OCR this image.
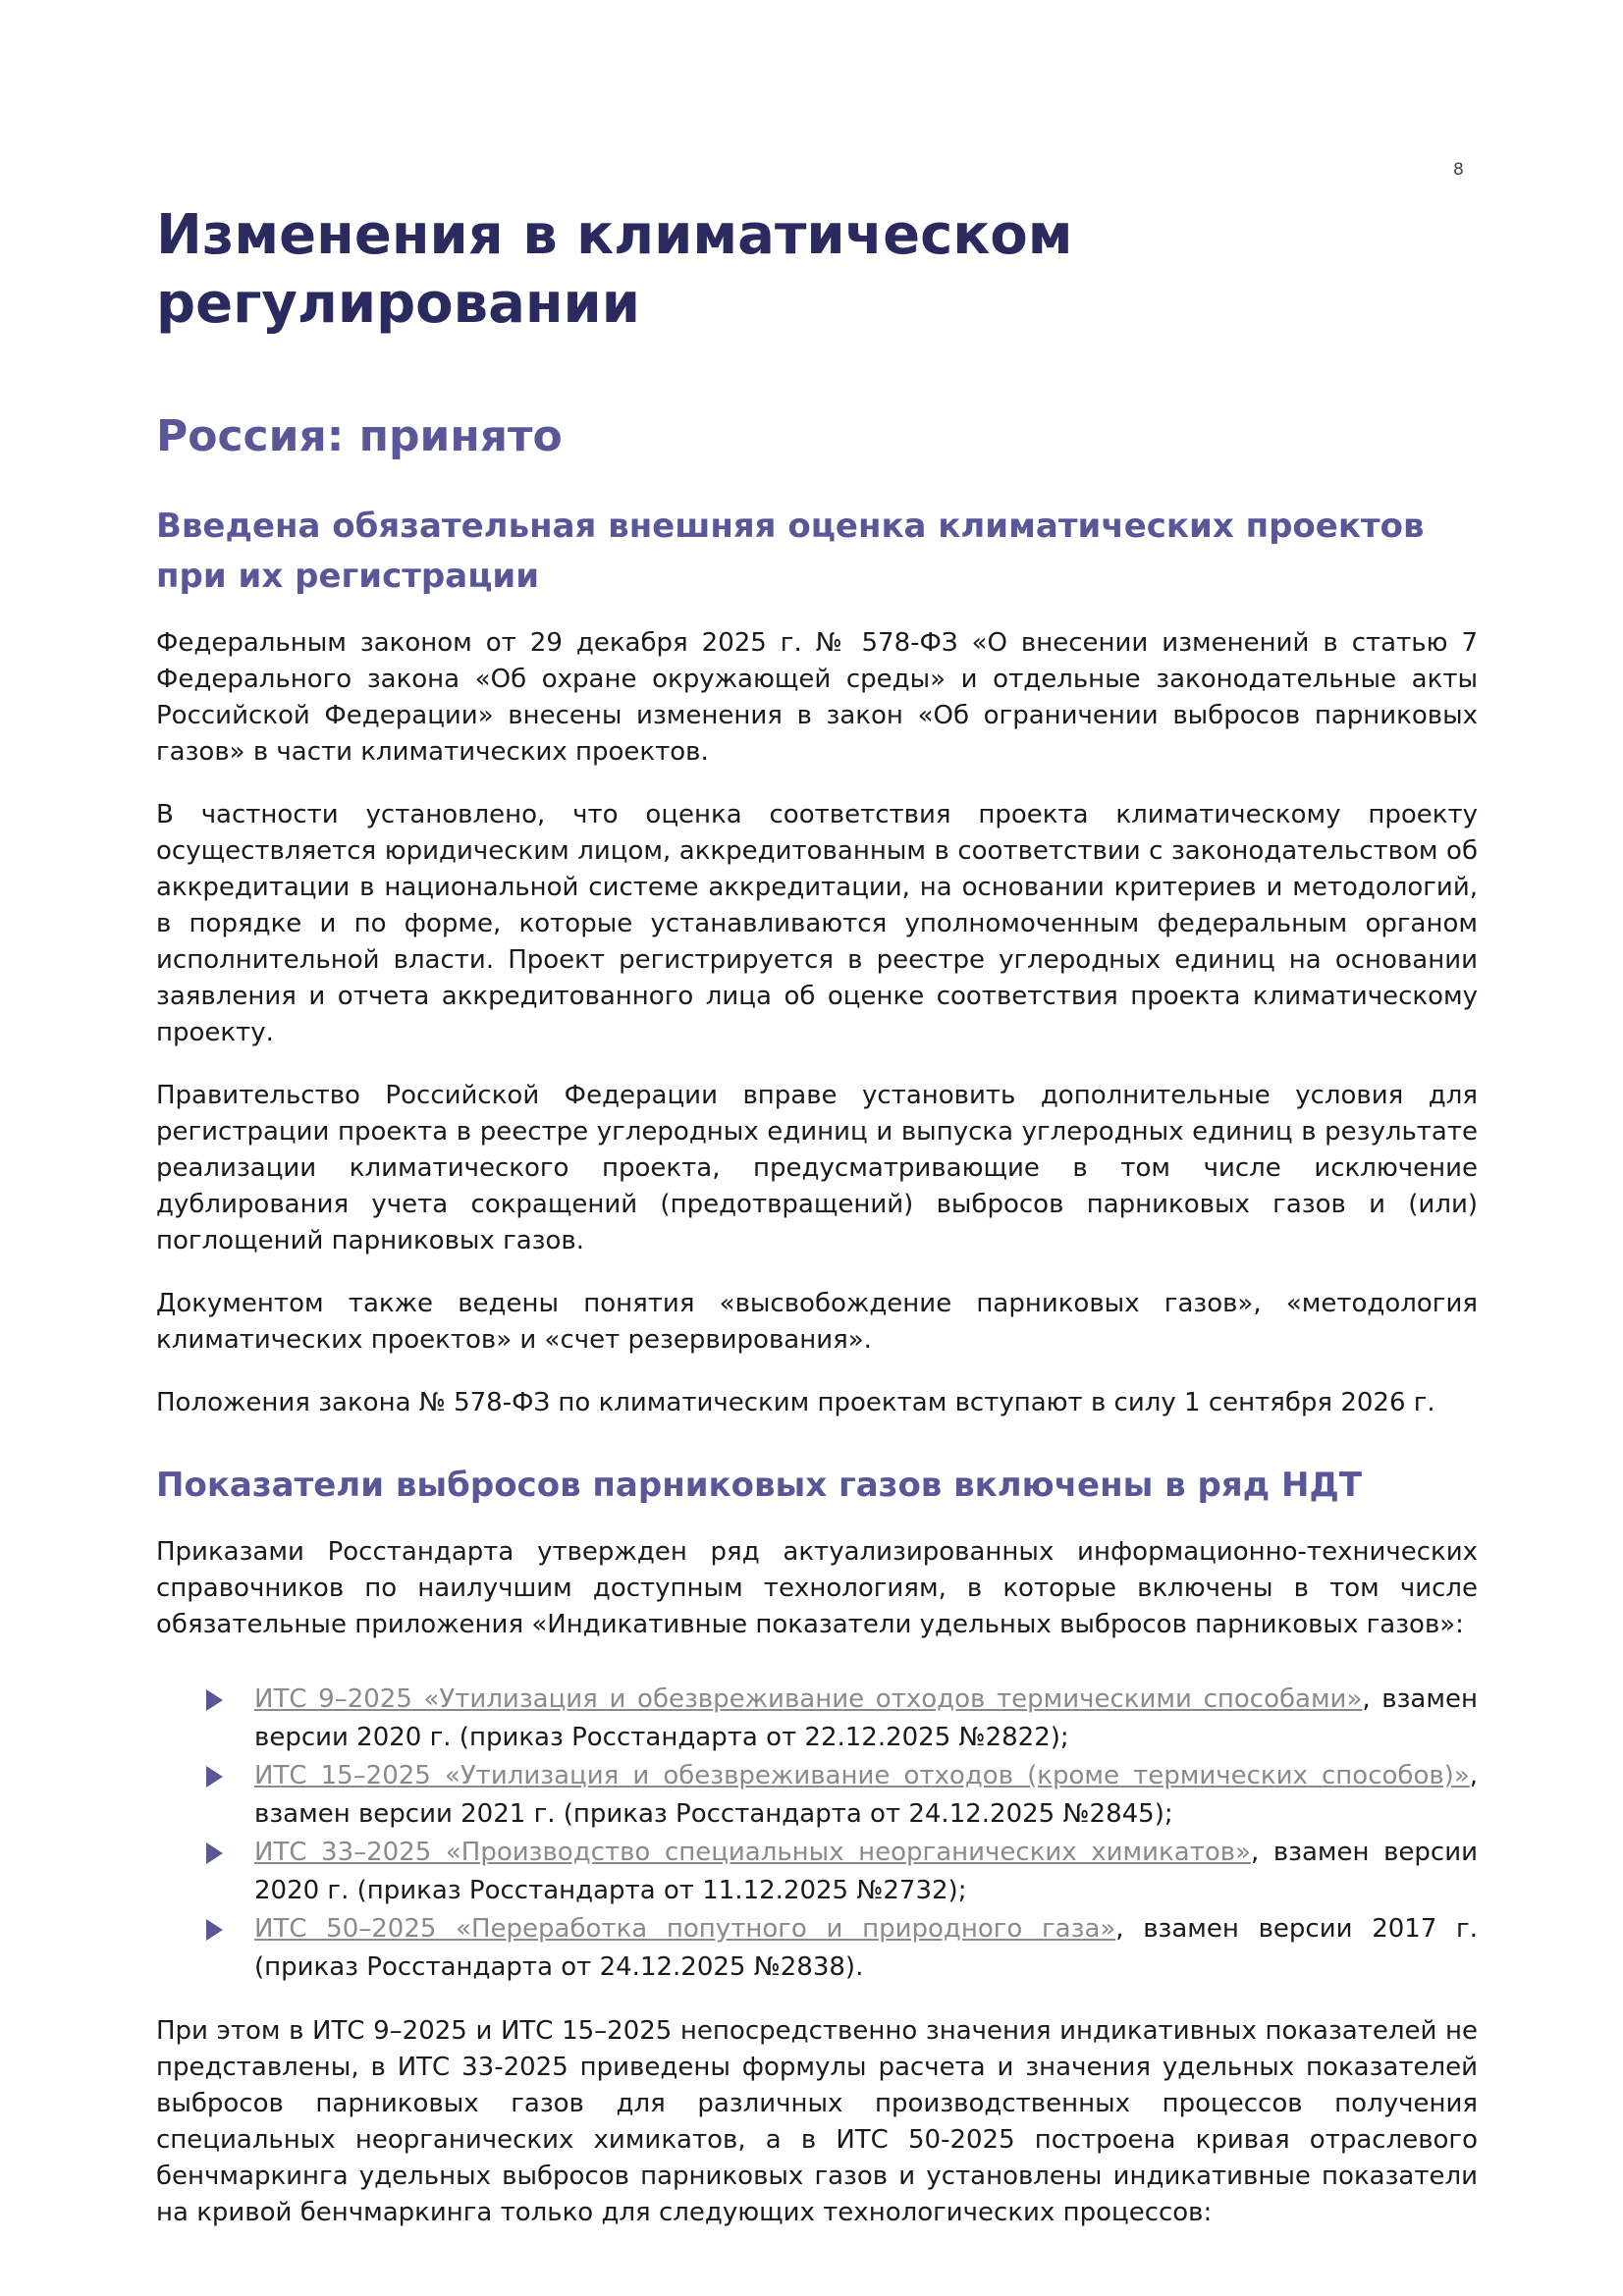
8
Изменения в климатическом регулировании
Россия: принято
Введена обязательная внешняя оценка климатических проектов при их регистрации

Федеральным законом от 29 декабря 2025 г. № 578-ФЗ «О внесении изменений в статью 7 Федерального закона «Об охране окружающей среды» и отдельные законодательные акты Российской Федерации» внесены изменения в закон «Об ограничении выбросов парниковых газов» в части климатических проектов.

В частности установлено, что оценка соответствия проекта климатическому проекту осуществляется юридическим лицом, аккредитованным в соответствии с законодательством об аккредитации в национальной системе аккредитации, на основании критериев и методологий, в порядке и по форме, которые устанавливаются уполномоченным федеральным органом исполнительной власти. Проект регистрируется в реестре углеродных единиц на основании заявления и отчета аккредитованного лица об оценке соответствия проекта климатическому проекту.

Правительство Российской Федерации вправе установить дополнительные условия для регистрации проекта в реестре углеродных единиц и выпуска углеродных единиц в результате реализации климатического проекта, предусматривающие в том числе исключение дублирования учета сокращений (предотвращений) выбросов парниковых газов и (или) поглощений парниковых газов.

Документом также ведены понятия «высвобождение парниковых газов», «методология климатических проектов» и «счет резервирования».

Положения закона № 578-ФЗ по климатическим проектам вступают в силу 1 сентября 2026 г.

Показатели выбросов парниковых газов включены в ряд НДТ

Приказами Росстандарта утвержден ряд актуализированных информационно-технических справочников по наилучшим доступным технологиям, в которые включены в том числе обязательные приложения «Индикативные показатели удельных выбросов парниковых газов»:

ИТС 9–2025 «Утилизация и обезвреживание отходов термическими способами», взамен версии 2020 г. (приказ Росстандарта от 22.12.2025 №2822);
ИТС 15–2025 «Утилизация и обезвреживание отходов (кроме термических способов)», взамен версии 2021 г. (приказ Росстандарта от 24.12.2025 №2845);
ИТС 33–2025 «Производство специальных неорганических химикатов», взамен версии 2020 г. (приказ Росстандарта от 11.12.2025 №2732);
ИТС 50–2025 «Переработка попутного и природного газа», взамен версии 2017 г. (приказ Росстандарта от 24.12.2025 №2838).

При этом в ИТС 9–2025 и ИТС 15–2025 непосредственно значения индикативных показателей не представлены, в ИТС 33-2025 приведены формулы расчета и значения удельных показателей выбросов парниковых газов для различных производственных процессов получения специальных неорганических химикатов, а в ИТС 50-2025 построена кривая отраслевого бенчмаркинга удельных выбросов парниковых газов и установлены индикативные показатели на кривой бенчмаркинга только для следующих технологических процессов:
